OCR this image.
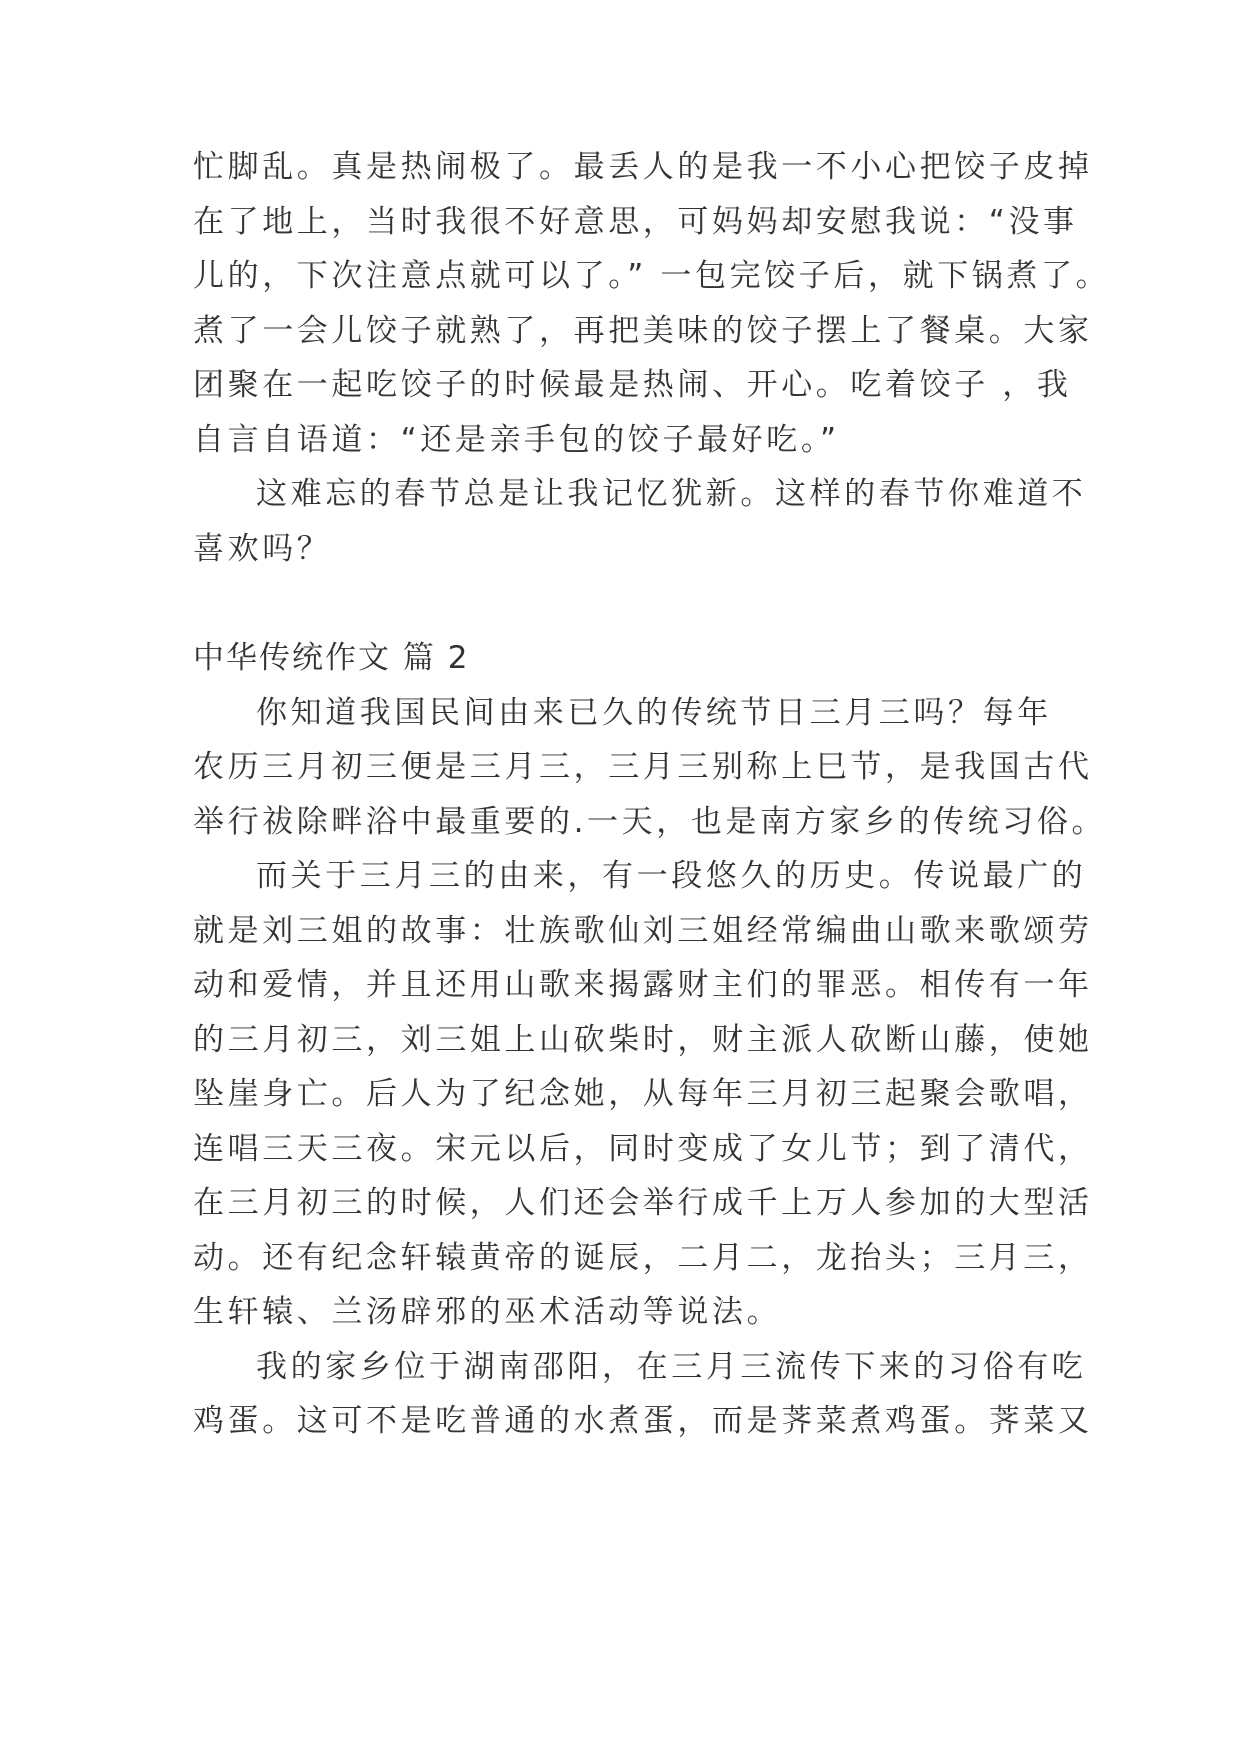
忙脚乱。真是热闹极了。最丢人的是我一不小心把饺子皮掉
在了地上，当时我很不好意思，可妈妈却安慰我说：“没事
儿的，下次注意点就可以了。” 一包完饺子后，就下锅煮了。
煮了一会儿饺子就熟了，再把美味的饺子摆上了餐桌。大家
团聚在一起吃饺子的时候最是热闹、开心。吃着饺子 ，我
自言自语道：“还是亲手包的饺子最好吃。”
这难忘的春节总是让我记忆犹新。这样的春节你难道不
喜欢吗？
中华传统作文 篇 2
你知道我国民间由来已久的传统节日三月三吗？每年
农历三月初三便是三月三，三月三别称上巳节，是我国古代
举行祓除畔浴中最重要的.一天，也是南方家乡的传统习俗。
而关于三月三的由来，有一段悠久的历史。传说最广的
就是刘三姐的故事：壮族歌仙刘三姐经常编曲山歌来歌颂劳
动和爱情，并且还用山歌来揭露财主们的罪恶。相传有一年
的三月初三，刘三姐上山砍柴时，财主派人砍断山藤，使她
坠崖身亡。后人为了纪念她，从每年三月初三起聚会歌唱，
连唱三天三夜。宋元以后，同时变成了女儿节；到了清代，
在三月初三的时候，人们还会举行成千上万人参加的大型活
动。还有纪念轩辕黄帝的诞辰，二月二，龙抬头；三月三，
生轩辕、兰汤辟邪的巫术活动等说法。
我的家乡位于湖南邵阳，在三月三流传下来的习俗有吃
鸡蛋。这可不是吃普通的水煮蛋，而是荠菜煮鸡蛋。荠菜又
